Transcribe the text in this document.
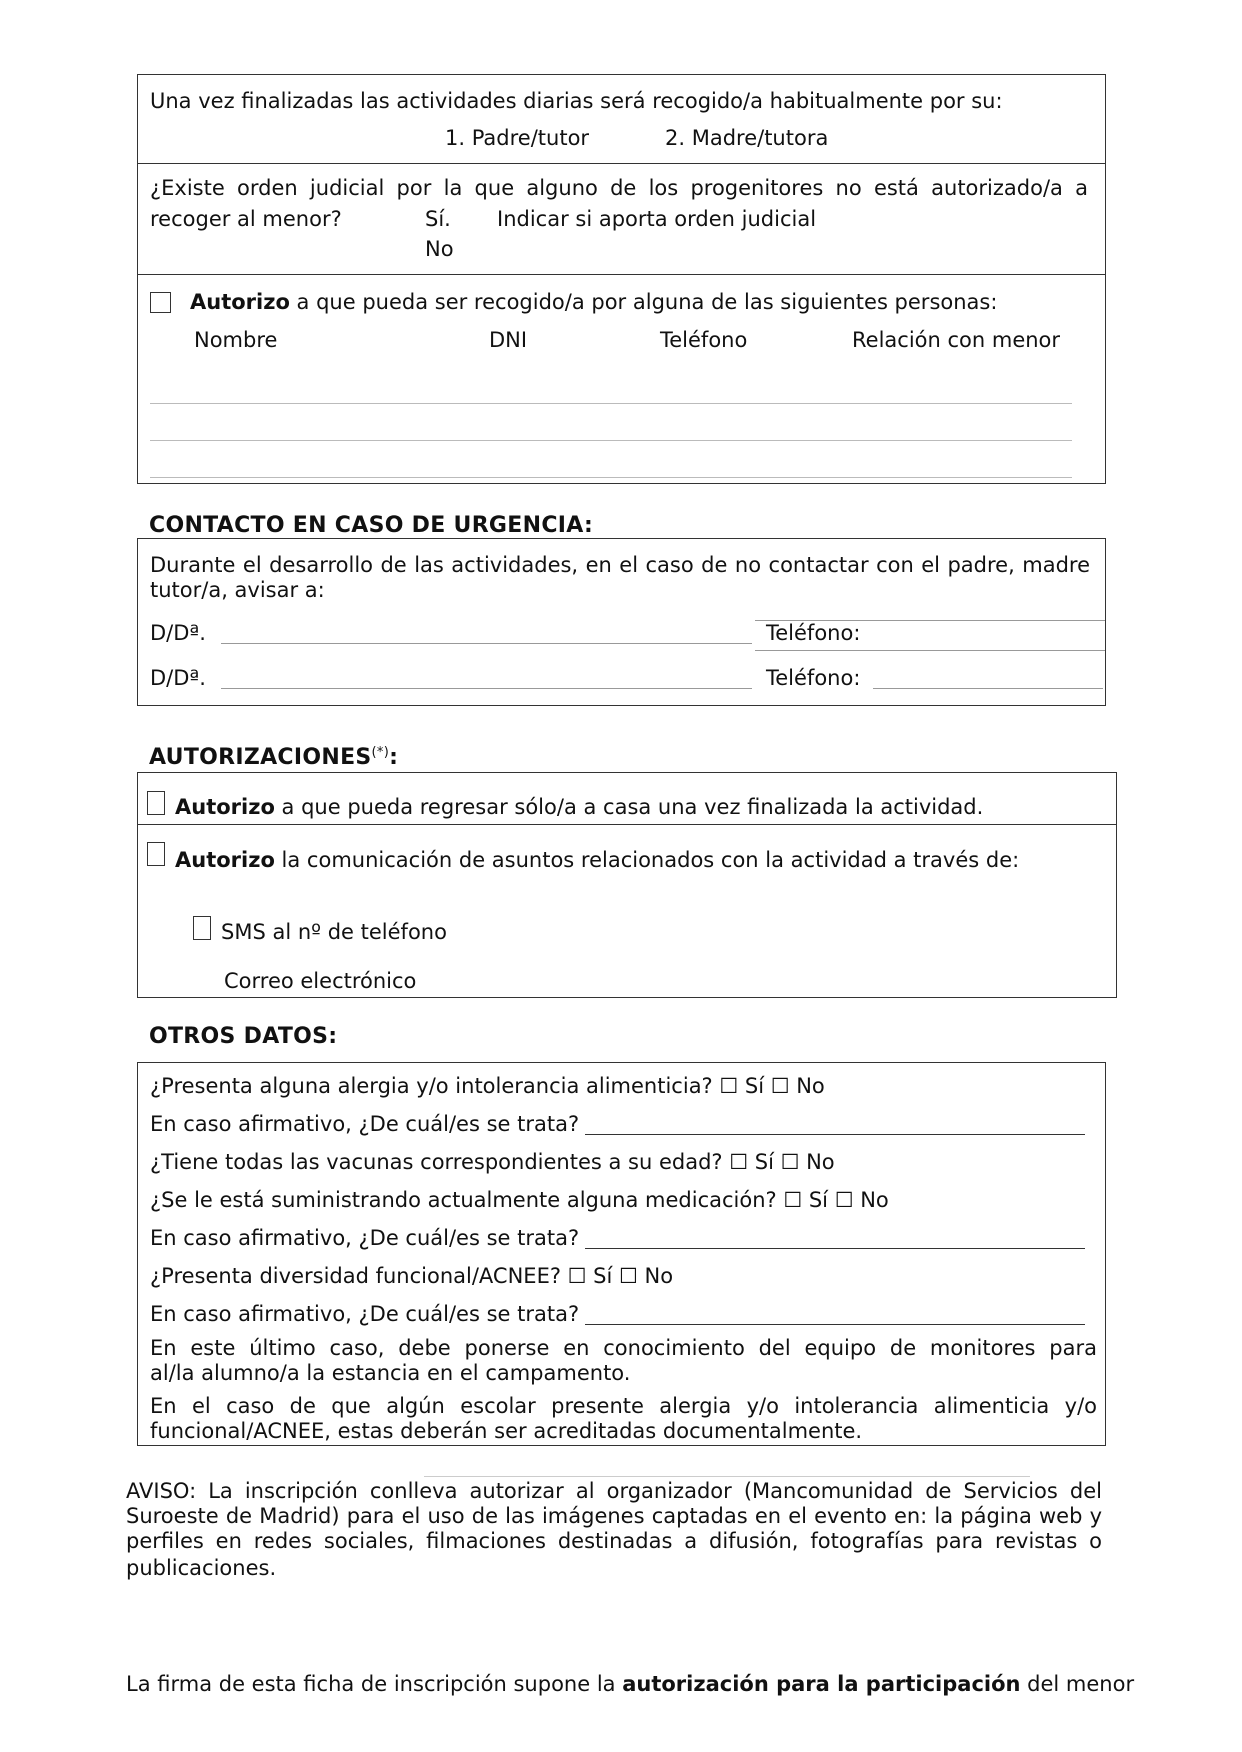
Una vez finalizadas las actividades diarias será recogido/a habitualmente por su:
1. Padre/tutor	2. Madre/tutora
¿Existe orden judicial por la que alguno de los progenitores no está autorizado/a a
recoger al menor?	Sí. Indicar si aporta orden judicial
No
Autorizo a que pueda ser recogido/a por alguna de las siguientes personas:
Nombre	DNI	Teléfono	Relación con menor
CONTACTO EN CASO DE URGENCIA:
Durante el desarrollo de las actividades, en el caso de no contactar con el padre, madre
tutor/a, avisar a:
D/Dª.	Teléfono:
D/Dª.	Teléfono:
AUTORIZACIONES(*):
Autorizo a que pueda regresar sólo/a a casa una vez finalizada la actividad.
Autorizo la comunicación de asuntos relacionados con la actividad a través de:
SMS al nº de teléfono
Correo electrónico
OTROS DATOS:
¿Presenta alguna alergia y/o intolerancia alimenticia? ☐ Sí ☐ No
En caso afirmativo, ¿De cuál/es se trata?
¿Tiene todas las vacunas correspondientes a su edad? ☐ Sí ☐ No
¿Se le está suministrando actualmente alguna medicación? ☐ Sí ☐ No
En caso afirmativo, ¿De cuál/es se trata?
¿Presenta diversidad funcional/ACNEE? ☐ Sí ☐ No
En caso afirmativo, ¿De cuál/es se trata?
En este último caso, debe ponerse en conocimiento del equipo de monitores para
al/la alumno/a la estancia en el campamento.
En el caso de que algún escolar presente alergia y/o intolerancia alimenticia y/o
funcional/ACNEE, estas deberán ser acreditadas documentalmente.
AVISO: La inscripción conlleva autorizar al organizador (Mancomunidad de Servicios del
Suroeste de Madrid) para el uso de las imágenes captadas en el evento en: la página web y
perfiles en redes sociales, filmaciones destinadas a difusión, fotografías para revistas o
publicaciones.
La firma de esta ficha de inscripción supone la autorización para la participación del menor
